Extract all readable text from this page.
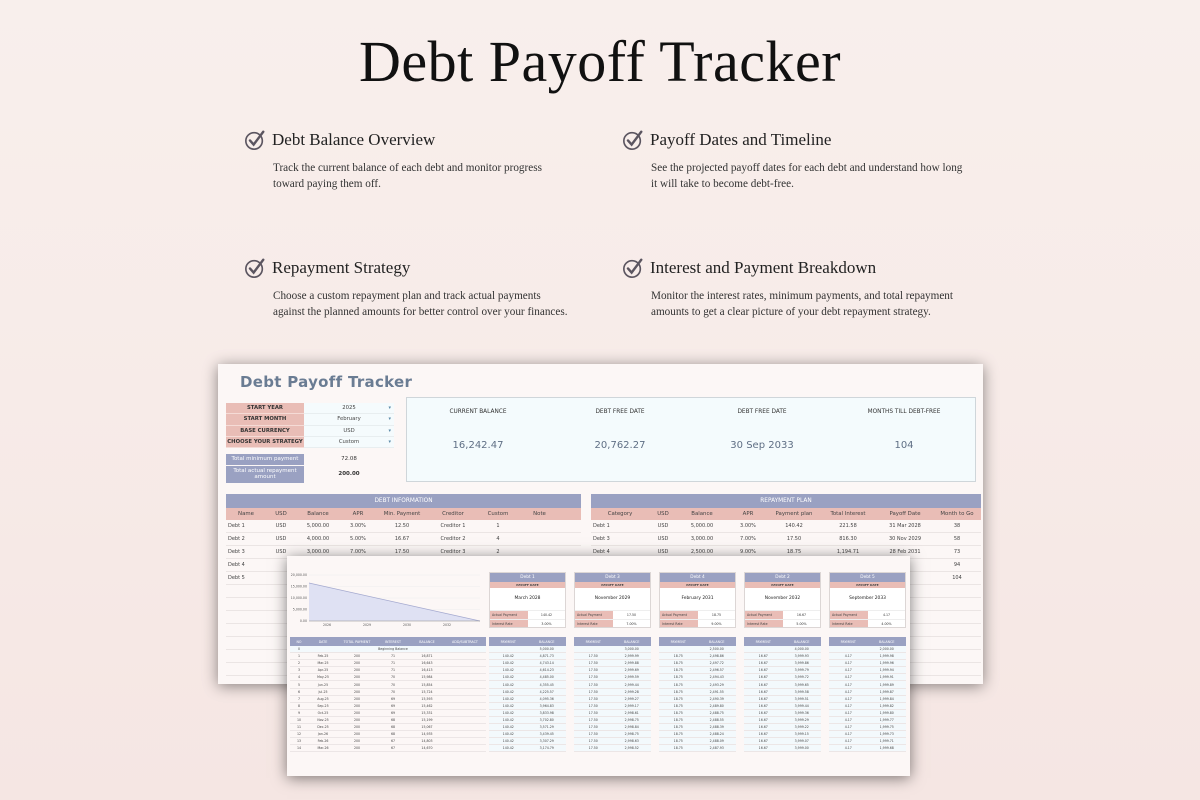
Debt Payoff Tracker
Debt Balance Overview
Track the current balance of each debt and monitor progress
toward paying them off.
Payoff Dates and Timeline
See the projected payoff dates for each debt and understand how long
it will take to become debt-free.
Repayment Strategy
Choose a custom repayment plan and track actual payments
against the planned amounts for better control over your finances.
Interest and Payment Breakdown
Monitor the interest rates, minimum payments, and total repayment
amounts to get a clear picture of your debt repayment strategy.
Debt Payoff Tracker
START YEAR	2025	▾
START MONTH	February	▾
BASE CURRENCY	USD	▾
CHOOSE YOUR STRATEGY	Custom	▾
Total minimum payment	72.08
Total actual repayment amount	200.00
CURRENT BALANCE
16,242.47
DEBT FREE DATE
20,762.27
DEBT FREE DATE
30 Sep 2033
MONTHS TILL DEBT-FREE
104
DEBT INFORMATION
Name	USD	Balance	APR	Min. Payment	Creditor	Custom	Note
Debt 1	USD	5,000.00	3.00%	12.50	Creditor 1	1
Debt 2	USD	4,000.00	5.00%	16.67	Creditor 2	4
Debt 3	USD	3,000.00	7.00%	17.50	Creditor 3	2
Debt 4
Debt 5
REPAYMENT PLAN
Category	USD	Balance	APR	Payment plan	Total Interest	Payoff Date	Month to Go
Debt 1	USD	5,000.00	3.00%	140.42	221.58	31 Mar 2028	38
Debt 3	USD	3,000.00	7.00%	17.50	816.30	30 Nov 2029	58
Debt 4	USD	2,500.00	9.00%	18.75	1,194.71	28 Feb 2031	73
94
104
20,000.00
15,000.00
10,000.00
5,000.00
0.00
2026	2029	2030	2032
Debt 1
PAYOFF DATE
March 2028
Actual Payment	140.42
Interest Rate	3.00%
Debt 3
PAYOFF DATE
November 2029
Actual Payment	17.50
Interest Rate	7.00%
Debt 4
PAYOFF DATE
February 2031
Actual Payment	18.75
Interest Rate	9.00%
Debt 2
PAYOFF DATE
November 2032
Actual Payment	16.67
Interest Rate	5.00%
Debt 5
PAYOFF DATE
September 2033
Actual Payment	4.17
Interest Rate	4.00%
NO	DATE	TOTAL PAYMENT	INTEREST	BALANCE	ADD/SUBTRACT
0	Beginning Balance
1	Feb-25	200	71	16,871
2	Mar-25	200	71	16,643
3	Apr-25	200	71	16,413
4	May-25	200	70	15,984
5	Jun-25	200	70	15,854
6	Jul-25	200	70	15,724
7	Aug-25	200	69	15,593
8	Sep-25	200	69	15,462
9	Oct-25	200	69	15,331
10	Nov-25	200	68	15,199
11	Dec-25	200	68	15,067
12	Jan-26	200	68	14,935
13	Feb-26	200	67	14,803
14	Mar-26	200	67	14,670
PAYMENT	BALANCE
5,000.00
140.42	4,871.73
140.42	4,743.14
140.42	4,614.23
140.42	4,485.00
140.42	4,355.45
140.42	4,225.57
140.42	4,095.36
140.42	3,964.83
140.42	3,833.98
140.42	3,702.80
140.42	3,571.29
140.42	3,439.45
140.42	3,307.29
140.42	3,174.79
PAYMENT	BALANCE
3,000.00
17.50	2,999.99
17.50	2,999.88
17.50	2,999.69
17.50	2,999.59
17.50	2,999.44
17.50	2,999.28
17.50	2,999.27
17.50	2,999.17
17.50	2,998.61
17.50	2,998.75
17.50	2,998.84
17.50	2,998.75
17.50	2,998.63
17.50	2,998.52
PAYMENT	BALANCE
2,500.00
18.75	2,498.86
18.75	2,497.72
18.75	2,496.57
18.75	2,494.43
18.75	2,493.29
18.75	2,491.55
18.75	2,490.39
18.75	2,489.80
18.75	2,488.75
18.75	2,488.55
18.75	2,488.39
18.75	2,488.24
18.75	2,488.09
18.75	2,487.93
PAYMENT	BALANCE
4,000.00
16.67	3,999.93
16.67	3,999.86
16.67	3,999.79
16.67	3,999.72
16.67	3,999.65
16.67	3,999.58
16.67	3,999.51
16.67	3,999.44
16.67	3,999.36
16.67	3,999.29
16.67	3,999.22
16.67	3,999.15
16.67	3,999.07
16.67	3,999.00
PAYMENT	BALANCE
2,000.00
4.17	1,999.98
4.17	1,999.96
4.17	1,999.94
4.17	1,999.91
4.17	1,999.89
4.17	1,999.87
4.17	1,999.84
4.17	1,999.82
4.17	1,999.80
4.17	1,999.77
4.17	1,999.75
4.17	1,999.73
4.17	1,999.71
4.17	1,999.68
